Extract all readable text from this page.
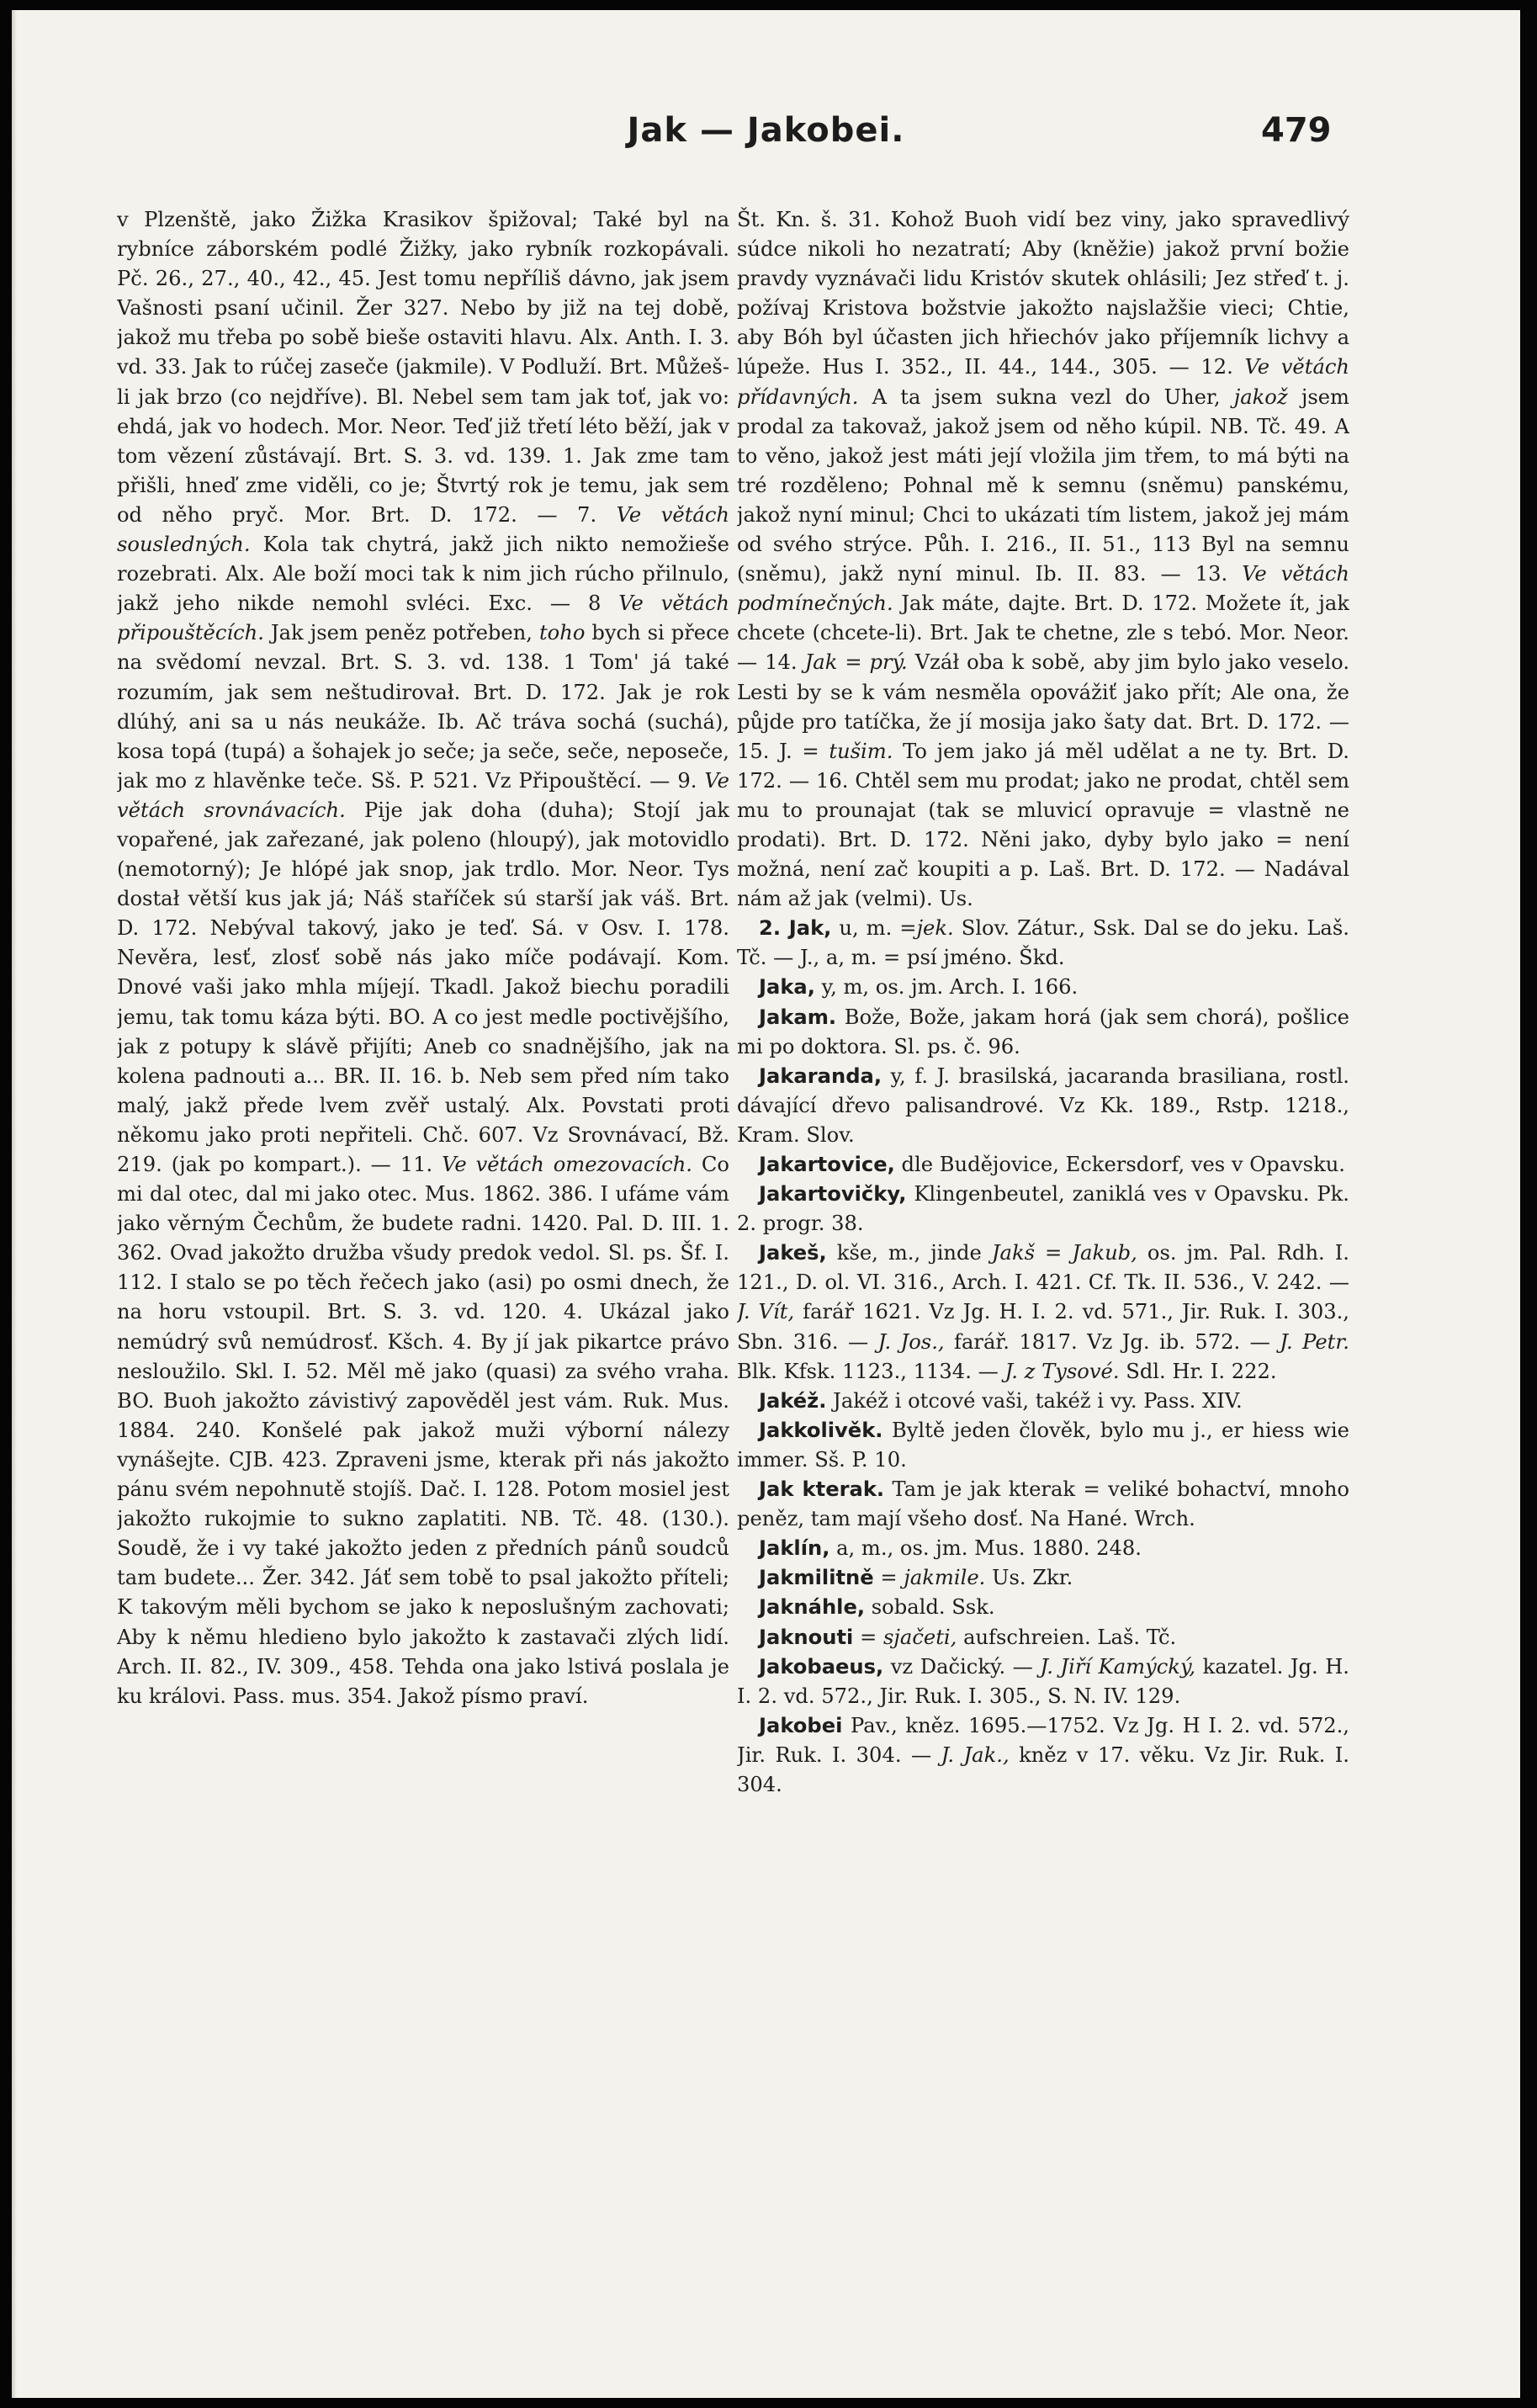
Jak — Jakobei.	479

v Plzenště, jako Žižka Krasikov špižoval; Také byl na rybníce záborském podlé Žižky, jako rybník rozkopávali. Pč. 26., 27., 40., 42., 45. Jest tomu nepříliš dávno, jak jsem Vašnosti psaní učinil. Žer 327. Nebo by již na tej době, jakož mu třeba po sobě bieše ostaviti hlavu. Alx. Anth. I. 3. vd. 33. Jak to rúčej zaseče (jakmile). V Podluží. Brt. Můžeš-li jak brzo (co nejdříve). Bl. Nebel sem tam jak toť, jak vo: ehdá, jak vo hodech. Mor. Neor. Teď již třetí léto běží, jak v tom vězení zůstávají. Brt. S. 3. vd. 139. 1. Jak zme tam přišli, hneď zme viděli, co je; Štvrtý rok je temu, jak sem od něho pryč. Mor. Brt. D. 172. — 7. Ve větách sousledných. Kola tak chytrá, jakž jich nikto nemožieše rozebrati. Alx. Ale boží moci tak k nim jich rúcho přilnulo, jakž jeho nikde nemohl svléci. Exc. — 8 Ve větách připouštěcích. Jak jsem peněz potřeben, toho bych si přece na svědomí nevzal. Brt. S. 3. vd. 138. 1 Tom' já také rozumím, jak sem neštudirovał. Brt. D. 172. Jak je rok dlúhý, ani sa u nás neukáže. Ib. Ač tráva sochá (suchá), kosa topá (tupá) a šohajek jo seče; ja seče, seče, neposeče, jak mo z hlavěnke teče. Sš. P. 521. Vz Připouštěcí. — 9. Ve větách srovnávacích. Pije jak doha (duha); Stojí jak vopařené, jak zařezané, jak poleno (hloupý), jak motovidlo (nemotorný); Je hlópé jak snop, jak trdlo. Mor. Neor. Tys dostał větší kus jak já; Náš staříček sú starší jak váš. Brt. D. 172. Nebýval takový, jako je teď. Sá. v Osv. I. 178. Nevěra, lesť, zlosť sobě nás jako míče podávají. Kom. Dnové vaši jako mhla míjejí. Tkadl. Jakož biechu poradili jemu, tak tomu káza býti. BO. A co jest medle poctivějšího, jak z potupy k slávě přijíti; Aneb co snadnějšího, jak na kolena padnouti a... BR. II. 16. b. Neb sem před ním tako malý, jakž přede lvem zvěř ustalý. Alx. Povstati proti někomu jako proti nepřiteli. Chč. 607. Vz Srovnávací, Bž. 219. (jak po kompart.). — 11. Ve větách omezovacích. Co mi dal otec, dal mi jako otec. Mus. 1862. 386. I ufáme vám jako věrným Čechům, že budete radni. 1420. Pal. D. III. 1. 362. Ovad jakožto družba všudy predok vedol. Sl. ps. Šf. I. 112. I stalo se po těch řečech jako (asi) po osmi dnech, že na horu vstoupil. Brt. S. 3. vd. 120. 4. Ukázal jako nemúdrý svů nemúdrosť. Kšch. 4. By jí jak pikartce právo nesloužilo. Skl. I. 52. Měl mě jako (quasi) za svého vraha. BO. Buoh jakožto závistivý zapověděl jest vám. Ruk. Mus. 1884. 240. Konšelé pak jakož muži výborní nálezy vynášejte. CJB. 423. Zpraveni jsme, kterak při nás jakožto pánu svém nepohnutě stojíš. Dač. I. 128. Potom mosiel jest jakožto rukojmie to sukno zaplatiti. NB. Tč. 48. (130.). Soudě, že i vy také jakožto jeden z předních pánů soudců tam budete... Žer. 342. Jáť sem tobě to psal jakožto příteli; K takovým měli bychom se jako k neposlušným zachovati; Aby k němu hledieno bylo jakožto k zastavači zlých lidí. Arch. II. 82., IV. 309., 458. Tehda ona jako lstivá poslala je ku královi. Pass. mus. 354. Jakož písmo praví.

Št. Kn. š. 31. Kohož Buoh vidí bez viny, jako spravedlivý súdce nikoli ho nezatratí; Aby (kněžie) jakož první božie pravdy vyznávači lidu Kristóv skutek ohlásili; Jez střeď t. j. požívaj Kristova božstvie jakožto najslažšie vieci; Chtie, aby Bóh byl účasten jich hřiechóv jako příjemník lichvy a lúpeže. Hus I. 352., II. 44., 144., 305. — 12. Ve větách přídavných. A ta jsem sukna vezl do Uher, jakož jsem prodal za takovaž, jakož jsem od něho kúpil. NB. Tč. 49. A to věno, jakož jest máti její vložila jim třem, to má býti na tré rozděleno; Pohnal mě k semnu (sněmu) panskému, jakož nyní minul; Chci to ukázati tím listem, jakož jej mám od svého strýce. Půh. I. 216., II. 51., 113 Byl na semnu (sněmu), jakž nyní minul. Ib. II. 83. — 13. Ve větách podmínečných. Jak máte, dajte. Brt. D. 172. Možete ít, jak chcete (chcete-li). Brt. Jak te chetne, zle s tebó. Mor. Neor. — 14. Jak = prý. Vzáł oba k sobě, aby jim bylo jako veselo. Lesti by se k vám nesměla opovážiť jako přít; Ale ona, že půjde pro tatíčka, že jí mosija jako šaty dat. Brt. D. 172. — 15. J. = tušim. To jem jako já měl udělat a ne ty. Brt. D. 172. — 16. Chtěl sem mu prodat; jako ne prodat, chtěl sem mu to prounajat (tak se mluvicí opravuje = vlastně ne prodati). Brt. D. 172. Něni jako, dyby bylo jako = není možná, není zač koupiti a p. Laš. Brt. D. 172. — Nadával nám až jak (velmi). Us.

2. Jak, u, m. =jek. Slov. Zátur., Ssk. Dal se do jeku. Laš. Tč. — J., a, m. = psí jméno. Škd.

Jaka, y, m, os. jm. Arch. I. 166.

Jakam. Bože, Bože, jakam horá (jak sem chorá), pošlice mi po doktora. Sl. ps. č. 96.

Jakaranda, y, f. J. brasilská, jacaranda brasiliana, rostl. dávající dřevo palisandrové. Vz Kk. 189., Rstp. 1218., Kram. Slov.

Jakartovice, dle Budějovice, Eckersdorf, ves v Opavsku.

Jakartovičky, Klingenbeutel, zaniklá ves v Opavsku. Pk. 2. progr. 38.

Jakeš, kše, m., jinde Jakš = Jakub, os. jm. Pal. Rdh. I. 121., D. ol. VI. 316., Arch. I. 421. Cf. Tk. II. 536., V. 242. — J. Vít, farář 1621. Vz Jg. H. I. 2. vd. 571., Jir. Ruk. I. 303., Sbn. 316. — J. Jos., farář. 1817. Vz Jg. ib. 572. — J. Petr. Blk. Kfsk. 1123., 1134. — J. z Tysové. Sdl. Hr. I. 222.

Jakéž. Jakéž i otcové vaši, takéž i vy. Pass. XIV.

Jakkolivěk. Byltě jeden člověk, bylo mu j., er hiess wie immer. Sš. P. 10.

Jak kterak. Tam je jak kterak = veliké bohactví, mnoho peněz, tam mají všeho dosť. Na Hané. Wrch.

Jaklín, a, m., os. jm. Mus. 1880. 248.

Jakmilitně = jakmile. Us. Zkr.

Jaknáhle, sobald. Ssk.

Jaknouti = sjačeti, aufschreien. Laš. Tč.

Jakobaeus, vz Dačický. — J. Jiří Kamýcký, kazatel. Jg. H. I. 2. vd. 572., Jir. Ruk. I. 305., S. N. IV. 129.

Jakobei Pav., kněz. 1695.—1752. Vz Jg. H I. 2. vd. 572., Jir. Ruk. I. 304. — J. Jak., kněz v 17. věku. Vz Jir. Ruk. I. 304.
